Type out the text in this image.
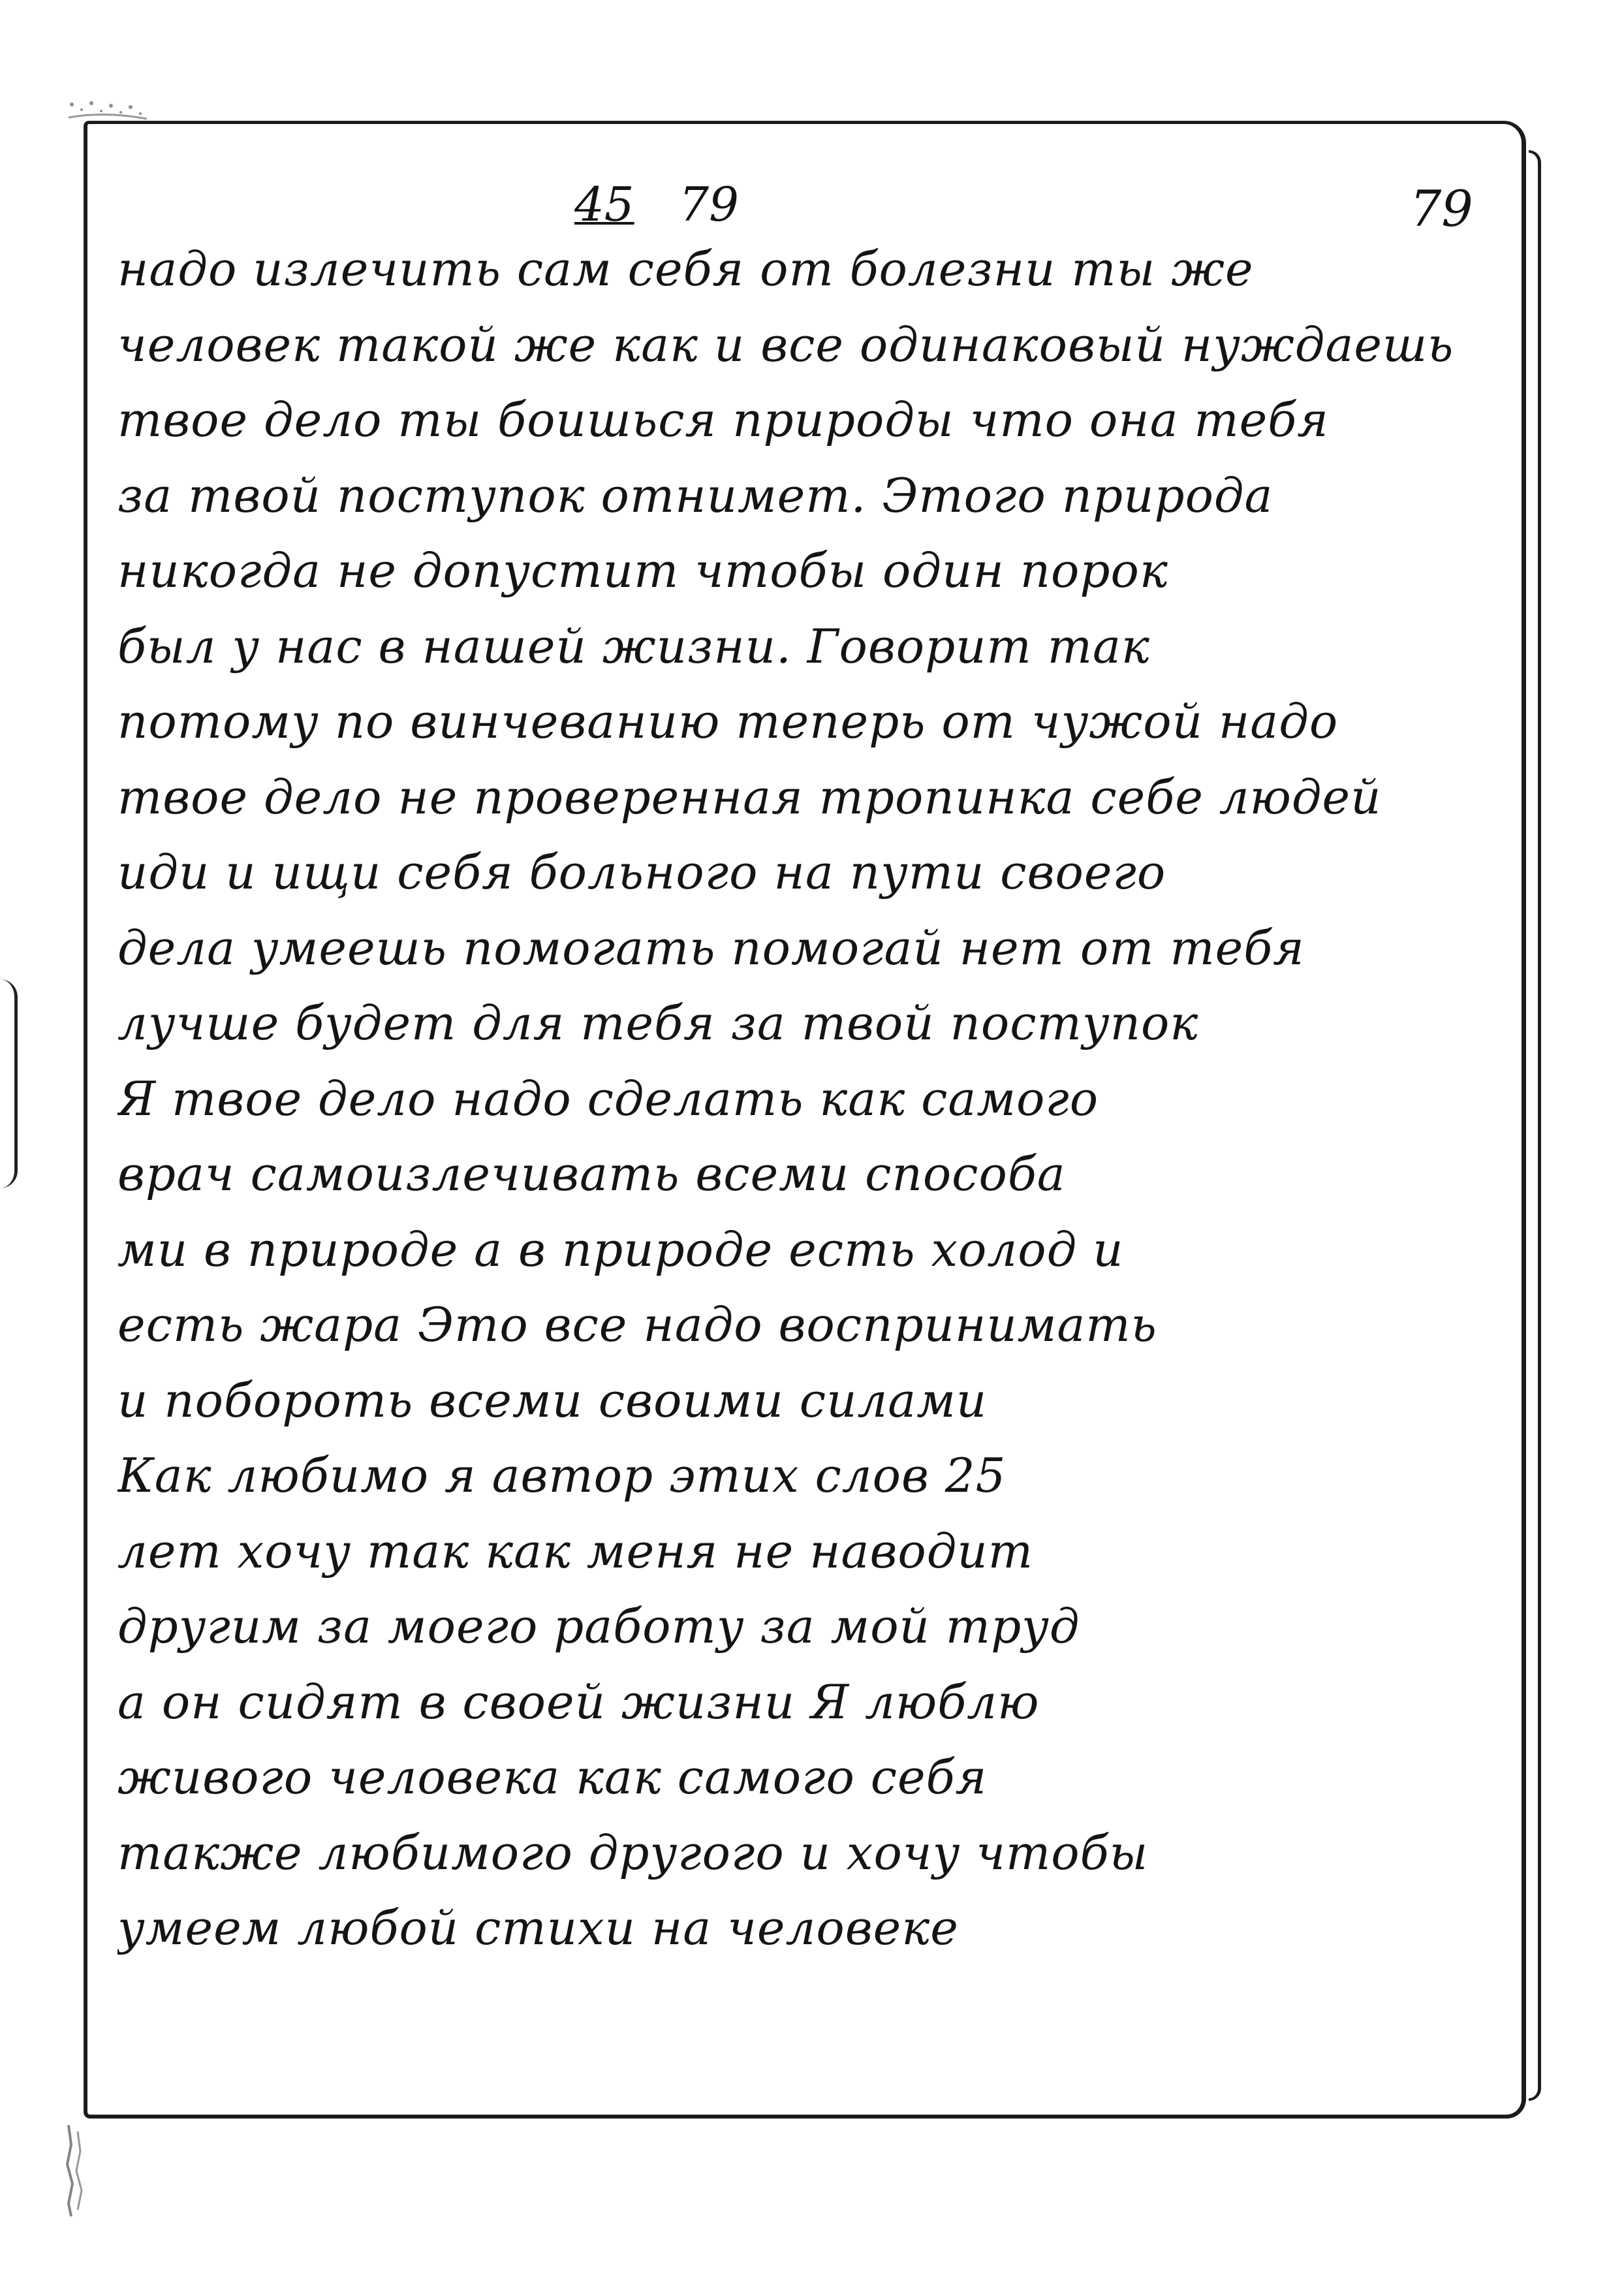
45 79	79
надо излечить сам себя от болезни ты же
человек такой же как и все одинаковый нуждаешь
твое дело ты боишься природы что она тебя
за твой поступок отнимет. Этого природа
никогда не допустит чтобы один порок
был у нас в нашей жизни. Говорит так
потому по винчеванию теперь от чужой надо
твое дело не проверенная тропинка себе людей
иди и ищи себя больного на пути своего
дела умеешь помогать помогай нет от тебя
лучше будет для тебя за твой поступок
Я твое дело надо сделать как самого
врач самоизлечивать всеми способа
ми в природе а в природе есть холод и
есть жара Это все надо воспринимать
и побороть всеми своими силами
Как любимо я автор этих слов 25
лет хочу так как меня не наводит
другим за моего работу за мой труд
а он сидят в своей жизни Я люблю
живого человека как самого себя
также любимого другого и хочу чтобы
умеем любой стихи на человеке
